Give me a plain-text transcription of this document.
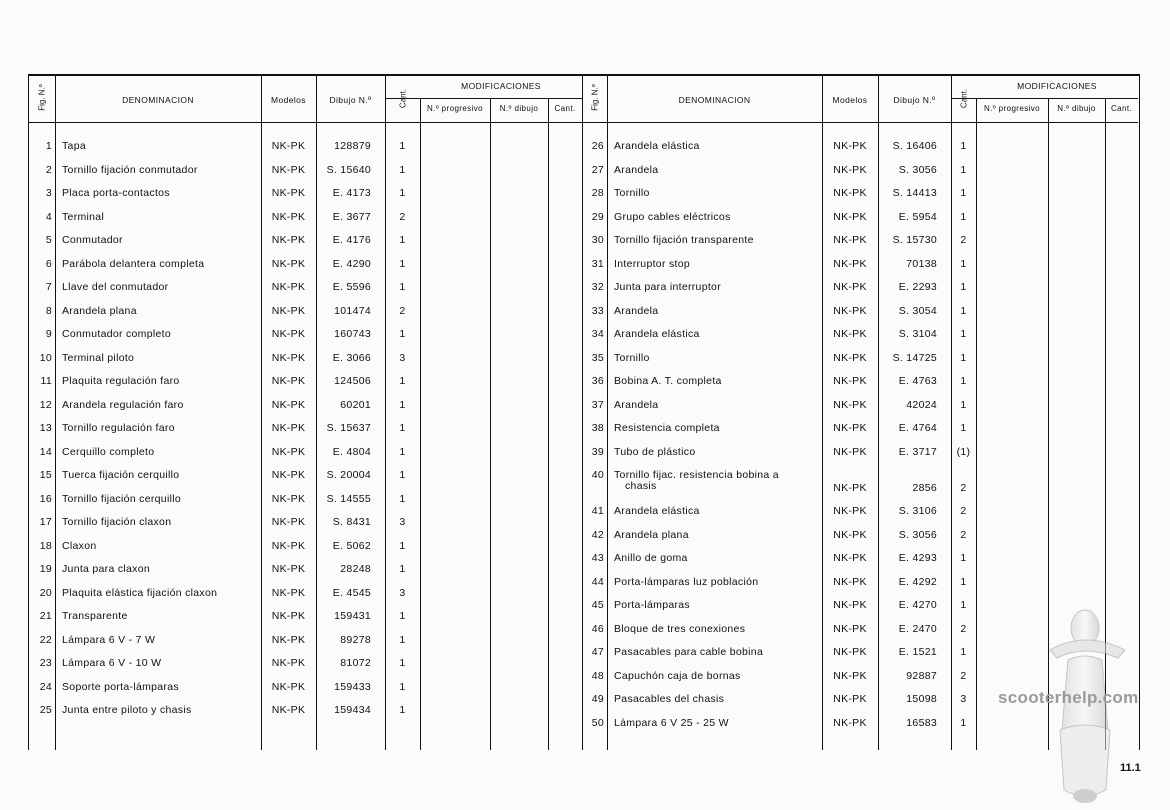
Fig. N.º	DENOMINACION	Modelos	Dibujo N.º	Cant.
MODIFICACIONES
N.º progresivo	N.º dibujo	Cant.
1 Tapa	NK-PK	128879	1
2 Tornillo fijación conmutador	NK-PK	S. 15640	1
3 Placa porta-contactos	NK-PK	E. 4173	1
4 Terminal	NK-PK	E. 3677	2
5 Conmutador	NK-PK	E. 4176	1
6 Parábola delantera completa	NK-PK	E. 4290	1
7 Llave del conmutador	NK-PK	E. 5596	1
8 Arandela plana	NK-PK	101474	2
9 Conmutador completo	NK-PK	160743	1
10 Terminal piloto	NK-PK	E. 3066	3
11 Plaquita regulación faro	NK-PK	124506	1
12 Arandela regulación faro	NK-PK	60201	1
13 Tornillo regulación faro	NK-PK	S. 15637	1
14 Cerquillo completo	NK-PK	E. 4804	1
15 Tuerca fijación cerquillo	NK-PK	S. 20004	1
16 Tornillo fijación cerquillo	NK-PK	S. 14555	1
17 Tornillo fijación claxon	NK-PK	S. 8431	3
18 Claxon	NK-PK	E. 5062	1
19 Junta para claxon	NK-PK	28248	1
20 Plaquita elástica fijación claxon	NK-PK	E. 4545	3
21 Transparente	NK-PK	159431	1
22 Lámpara 6 V - 7 W	NK-PK	89278	1
23 Lámpara 6 V - 10 W	NK-PK	81072	1
24 Soporte porta-lámparas	NK-PK	159433	1
25 Junta entre piloto y chasis	NK-PK	159434	1
Fig. N.º	DENOMINACION	Modelos	Dibujo N.º	Cant.
MODIFICACIONES
N.º progresivo	N.º dibujo	Cant.
26 Arandela elástica	NK-PK	S. 16406	1
27 Arandela	NK-PK	S. 3056	1
28 Tornillo	NK-PK	S. 14413	1
29 Grupo cables eléctricos	NK-PK	E. 5954	1
30 Tornillo fijación transparente	NK-PK	S. 15730	2
31 Interruptor stop	NK-PK	70138	1
32 Junta para interruptor	NK-PK	E. 2293	1
33 Arandela	NK-PK	S. 3054	1
34 Arandela elástica	NK-PK	S. 3104	1
35 Tornillo	NK-PK	S. 14725	1
36 Bobina A. T. completa	NK-PK	E. 4763	1
37 Arandela	NK-PK	42024	1
38 Resistencia completa	NK-PK	E. 4764	1
39 Tubo de plástico	NK-PK	E. 3717	(1)
40 Tornillo fijac. resistencia bobina a
chasis	NK-PK	2856	2
41 Arandela elástica	NK-PK	S. 3106	2
42 Arandela plana	NK-PK	S. 3056	2
43 Anillo de goma	NK-PK	E. 4293	1
44 Porta-lámparas luz población	NK-PK	E. 4292	1
45 Porta-lámparas	NK-PK	E. 4270	1
46 Bloque de tres conexiones	NK-PK	E. 2470	2
47 Pasacables para cable bobina	NK-PK	E. 1521	1
48 Capuchón caja de bornas	NK-PK	92887	2
49 Pasacables del chasis	NK-PK	15098	3
50 Lámpara 6 V 25 - 25 W	NK-PK	16583	1
scooterhelp.com
11.1
